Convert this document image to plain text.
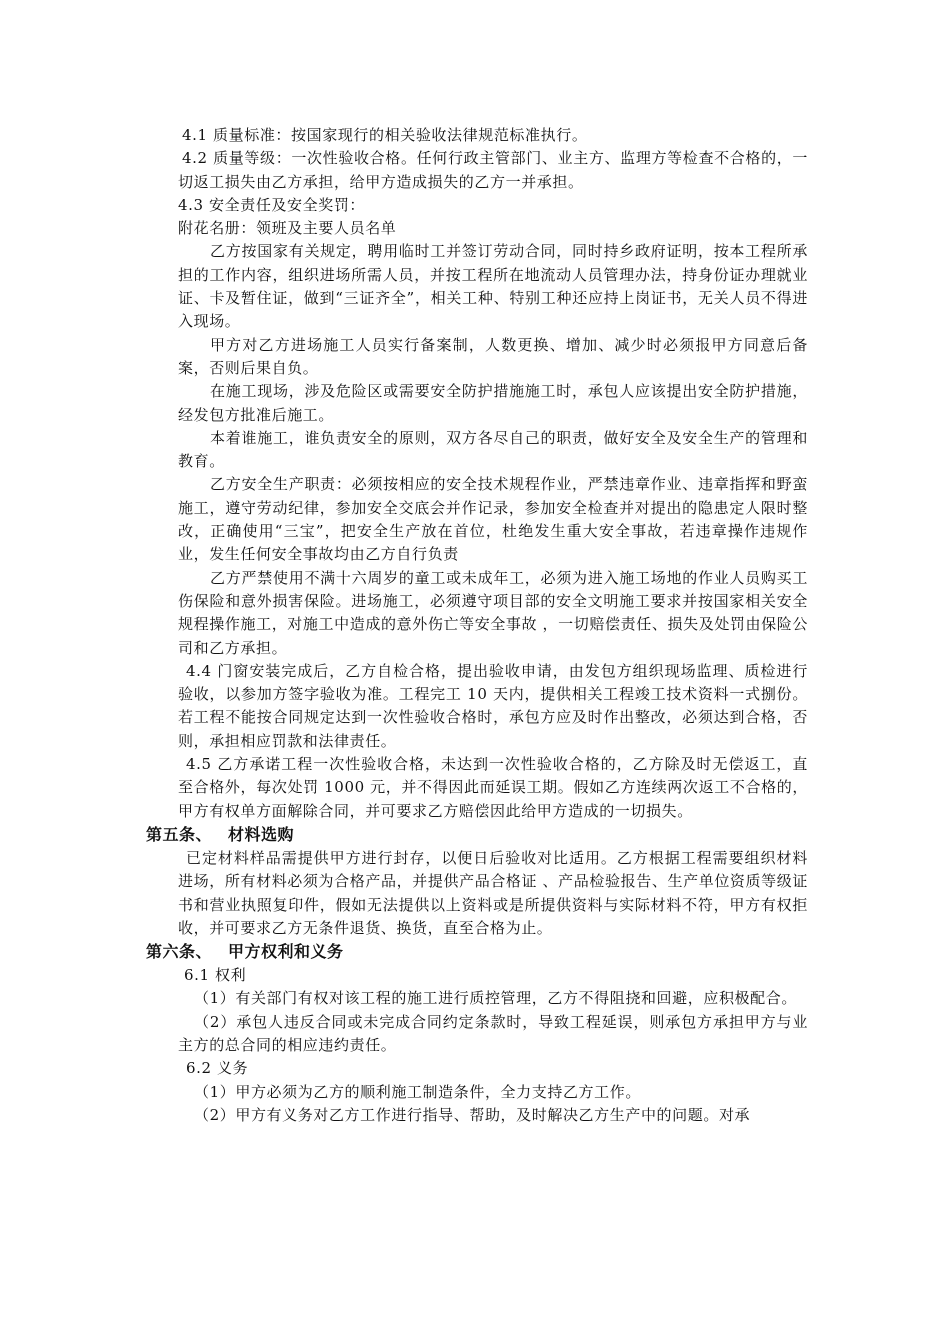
4.1 质量标准：按国家现行的相关验收法律规范标准执行。

4.2 质量等级：一次性验收合格。任何行政主管部门、业主方、监理方等检查不合格的，一切返工损失由乙方承担，给甲方造成损失的乙方一并承担。

4.3 安全责任及安全奖罚：

附花名册：领班及主要人员名单

乙方按国家有关规定，聘用临时工并签订劳动合同，同时持乡政府证明，按本工程所承担的工作内容，组织进场所需人员，并按工程所在地流动人员管理办法，持身份证办理就业证、卡及暂住证，做到“三证齐全”，相关工种、特别工种还应持上岗证书，无关人员不得进入现场。

甲方对乙方进场施工人员实行备案制，人数更换、增加、减少时必须报甲方同意后备案，否则后果自负。

在施工现场，涉及危险区或需要安全防护措施施工时，承包人应该提出安全防护措施，经发包方批准后施工。

本着谁施工，谁负责安全的原则，双方各尽自己的职责，做好安全及安全生产的管理和教育。

乙方安全生产职责：必须按相应的安全技术规程作业，严禁违章作业、违章指挥和野蛮施工，遵守劳动纪律，参加安全交底会并作记录，参加安全检查并对提出的隐患定人限时整改，正确使用“三宝”，把安全生产放在首位，杜绝发生重大安全事故，若违章操作违规作业，发生任何安全事故均由乙方自行负责

乙方严禁使用不满十六周岁的童工或未成年工，必须为进入施工场地的作业人员购买工伤保险和意外损害保险。进场施工，必须遵守项目部的安全文明施工要求并按国家相关安全规程操作施工，对施工中造成的意外伤亡等安全事故 ，一切赔偿责任、损失及处罚由保险公司和乙方承担。

4.4 门窗安装完成后，乙方自检合格，提出验收申请，由发包方组织现场监理、质检进行验收，以参加方签字验收为准。工程完工 10 天内，提供相关工程竣工技术资料一式捌份。若工程不能按合同规定达到一次性验收合格时，承包方应及时作出整改，必须达到合格，否则，承担相应罚款和法律责任。

4.5 乙方承诺工程一次性验收合格，未达到一次性验收合格的，乙方除及时无偿返工，直至合格外，每次处罚 1000 元，并不得因此而延误工期。假如乙方连续两次返工不合格的，甲方有权单方面解除合同，并可要求乙方赔偿因此给甲方造成的一切损失。

第五条、 材料选购

已定材料样品需提供甲方进行封存，以便日后验收对比适用。乙方根据工程需要组织材料进场，所有材料必须为合格产品，并提供产品合格证 、产品检验报告、生产单位资质等级证书和营业执照复印件，假如无法提供以上资料或是所提供资料与实际材料不符，甲方有权拒收，并可要求乙方无条件退货、换货，直至合格为止。

第六条、 甲方权利和义务

6.1 权利

（1）有关部门有权对该工程的施工进行质控管理，乙方不得阻挠和回避，应积极配合。

（2）承包人违反合同或未完成合同约定条款时，导致工程延误，则承包方承担甲方与业主方的总合同的相应违约责任。

6.2 义务

（1）甲方必须为乙方的顺利施工制造条件，全力支持乙方工作。

（2）甲方有义务对乙方工作进行指导、帮助，及时解决乙方生产中的问题。对承
